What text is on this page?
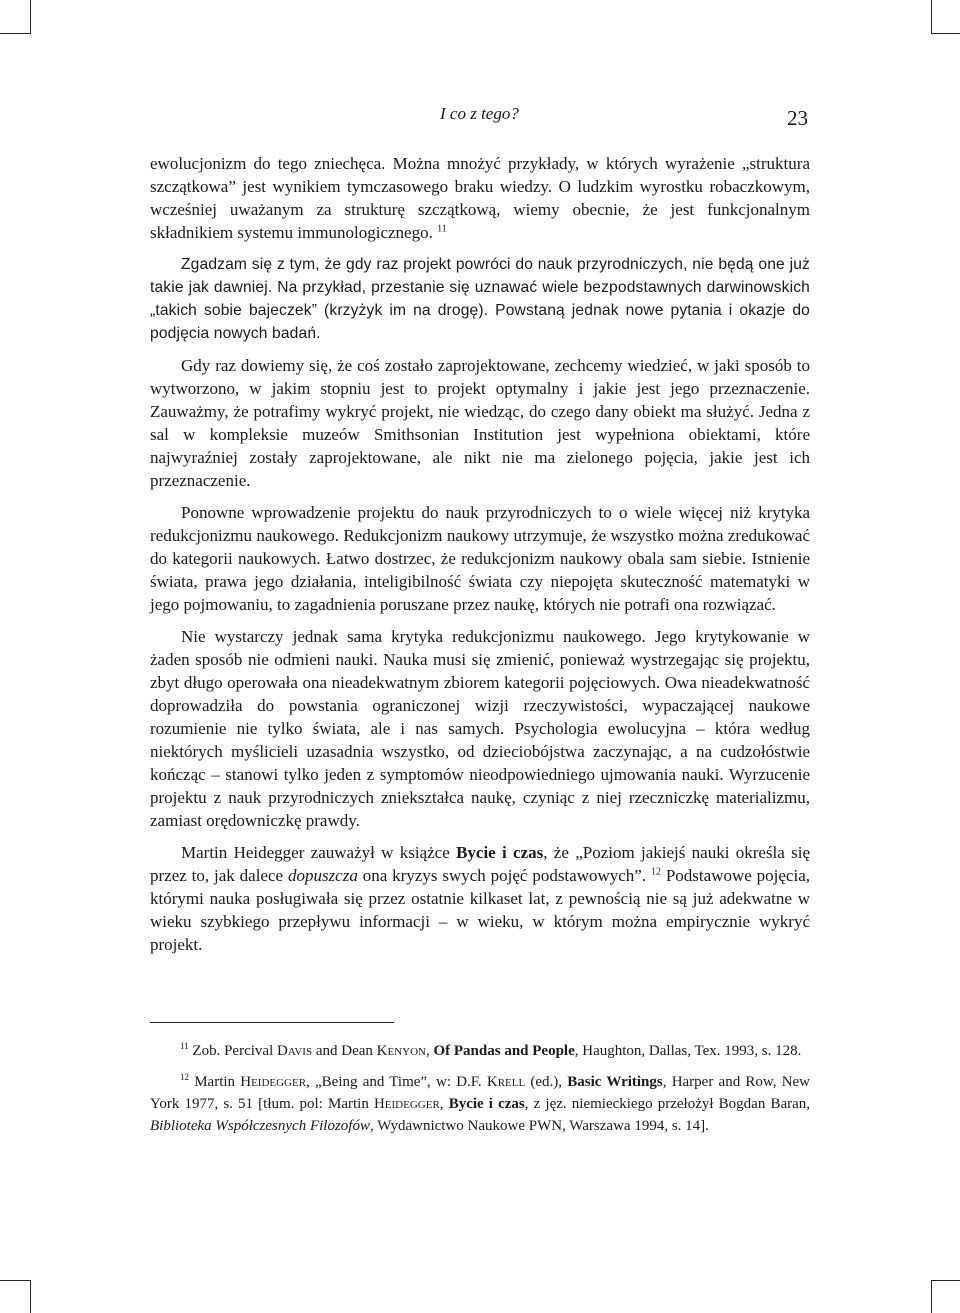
I co z tego?	23

ewolucjonizm do tego zniechęca. Można mnożyć przykłady, w których wyrażenie „struktura szczątkowa” jest wynikiem tymczasowego braku wiedzy. O ludzkim wyrostku robaczkowym, wcześniej uważanym za strukturę szczątkową, wiemy obecnie, że jest funkcjonalnym składnikiem systemu immunologicznego. $^{11}$

Zgadzam się z tym, że gdy raz projekt powróci do nauk przyrodniczych, nie będą one już takie jak dawniej. Na przykład, przestanie się uznawać wiele bezpodstawnych darwinowskich „takich sobie bajeczek” (krzyżyk im na drogę). Powstaną jednak nowe pytania i okazje do podjęcia nowych badań.

Gdy raz dowiemy się, że coś zostało zaprojektowane, zechcemy wiedzieć, w jaki sposób to wytworzono, w jakim stopniu jest to projekt optymalny i jakie jest jego przeznaczenie. Zauważmy, że potrafimy wykryć projekt, nie wiedząc, do czego dany obiekt ma służyć. Jedna z sal w kompleksie muzeów Smithsonian Institution jest wypełniona obiektami, które najwyraźniej zostały zaprojektowane, ale nikt nie ma zielonego pojęcia, jakie jest ich przeznaczenie.

Ponowne wprowadzenie projektu do nauk przyrodniczych to o wiele więcej niż krytyka redukcjonizmu naukowego. Redukcjonizm naukowy utrzymuje, że wszystko można zredukować do kategorii naukowych. Łatwo dostrzec, że redukcjonizm naukowy obala sam siebie. Istnienie świata, prawa jego działania, inteligibilność świata czy niepojęta skuteczność matematyki w jego pojmowaniu, to zagadnienia poruszane przez naukę, których nie potrafi ona rozwiązać.

Nie wystarczy jednak sama krytyka redukcjonizmu naukowego. Jego krytykowanie w żaden sposób nie odmieni nauki. Nauka musi się zmienić, ponieważ wystrzegając się projektu, zbyt długo operowała ona nieadekwatnym zbiorem kategorii pojęciowych. Owa nieadekwatność doprowadziła do powstania ograniczonej wizji rzeczywistości, wypaczającej naukowe rozumienie nie tylko świata, ale i nas samych. Psychologia ewolucyjna – która według niektórych myślicieli uzasadnia wszystko, od dzieciobójstwa zaczynając, a na cudzołóstwie kończąc – stanowi tylko jeden z symptomów nieodpowiedniego ujmowania nauki. Wyrzucenie projektu z nauk przyrodniczych zniekształca naukę, czyniąc z niej rzeczniczkę materializmu, zamiast orędowniczkę prawdy.

Martin Heidegger zauważył w książce Bycie i czas, że „Poziom jakiejś nauki określa się przez to, jak dalece dopuszcza ona kryzys swych pojęć podstawowych”. $^{12}$ Podstawowe pojęcia, którymi nauka posługiwała się przez ostatnie kilkaset lat, z pewnością nie są już adekwatne w wieku szybkiego przepływu informacji – w wieku, w którym można empirycznie wykryć projekt.

$^{11}$ Zob. Percival Davis and Dean Kenyon, Of Pandas and People, Haughton, Dallas, Tex. 1993, s. 128.

$^{12}$ Martin Heidegger, „Being and Time”, w: D.F. Krell (ed.), Basic Writings, Harper and Row, New York 1977, s. 51 [tłum. pol: Martin Heidegger, Bycie i czas, z jęz. niemieckiego przełożył Bogdan Baran, Biblioteka Współczesnych Filozofów, Wydawnictwo Naukowe PWN, Warszawa 1994, s. 14].
